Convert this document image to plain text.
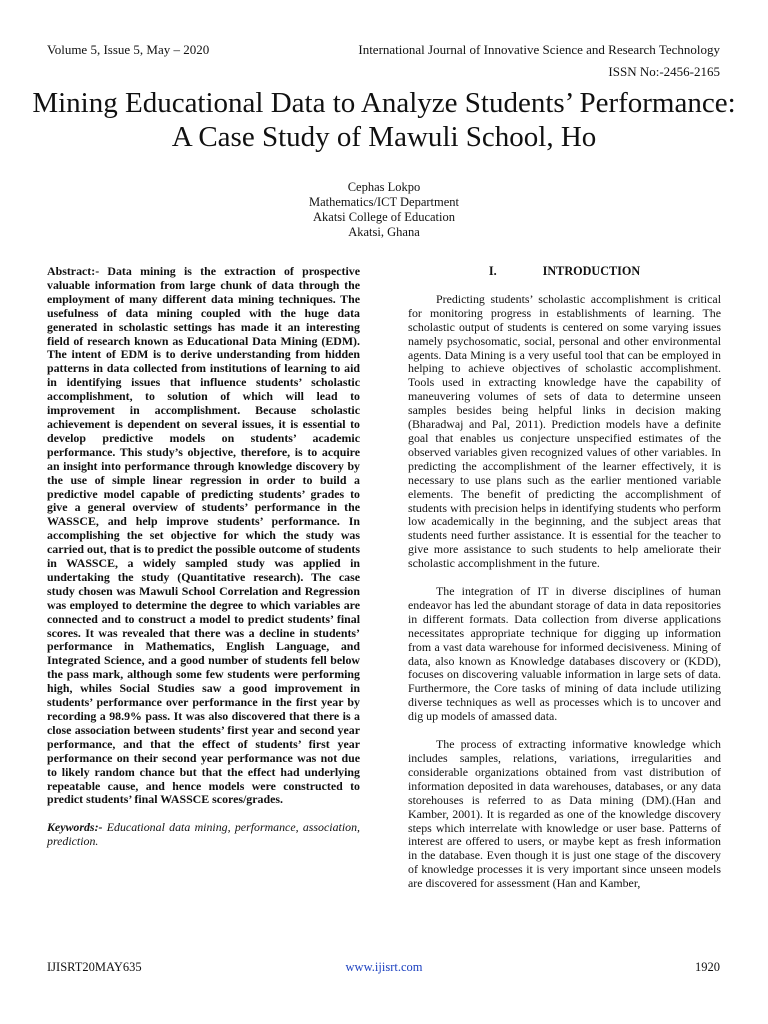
Volume 5, Issue 5, May – 2020	International Journal of Innovative Science and Research Technology
ISSN No:-2456-2165
Mining Educational Data to Analyze Students’ Performance: A Case Study of Mawuli School, Ho
Cephas Lokpo
Mathematics/ICT Department
Akatsi College of Education
Akatsi, Ghana

Abstract:- Data mining is the extraction of prospective valuable information from large chunk of data through the employment of many different data mining techniques. The usefulness of data mining coupled with the huge data generated in scholastic settings has made it an interesting field of research known as Educational Data Mining (EDM). The intent of EDM is to derive understanding from hidden patterns in data collected from institutions of learning to aid in identifying issues that influence students’ scholastic accomplishment, to solution of which will lead to improvement in accomplishment. Because scholastic achievement is dependent on several issues, it is essential to develop predictive models on students’ academic performance. This study’s objective, therefore, is to acquire an insight into performance through knowledge discovery by the use of simple linear regression in order to build a predictive model capable of predicting students’ grades to give a general overview of students’ performance in the WASSCE, and help improve students’ performance. In accomplishing the set objective for which the study was carried out, that is to predict the possible outcome of students in WASSCE, a widely sampled study was applied in undertaking the study (Quantitative research). The case study chosen was Mawuli School Correlation and Regression was employed to determine the degree to which variables are connected and to construct a model to predict students’ final scores. It was revealed that there was a decline in students’ performance in Mathematics, English Language, and Integrated Science, and a good number of students fell below the pass mark, although some few students were performing high, whiles Social Studies saw a good improvement in students’ performance over performance in the first year by recording a 98.9% pass. It was also discovered that there is a close association between students’ first year and second year performance, and that the effect of students’ first year performance on their second year performance was not due to likely random chance but that the effect had underlying repeatable cause, and hence models were constructed to predict students’ final WASSCE scores/grades.

Keywords:- Educational data mining, performance, association, prediction.

I.	INTRODUCTION

Predicting students’ scholastic accomplishment is critical for monitoring progress in establishments of learning. The scholastic output of students is centered on some varying issues namely psychosomatic, social, personal and other environmental agents. Data Mining is a very useful tool that can be employed in helping to achieve objectives of scholastic accomplishment. Tools used in extracting knowledge have the capability of maneuvering volumes of sets of data to determine unseen samples besides being helpful links in decision making (Bharadwaj and Pal, 2011). Prediction models have a definite goal that enables us conjecture unspecified estimates of the observed variables given recognized values of other variables. In predicting the accomplishment of the learner effectively, it is necessary to use plans such as the earlier mentioned variable elements. The benefit of predicting the accomplishment of students with precision helps in identifying students who perform low academically in the beginning, and the subject areas that students need further assistance. It is essential for the teacher to give more assistance to such students to help ameliorate their scholastic accomplishment in the future.

The integration of IT in diverse disciplines of human endeavor has led the abundant storage of data in data repositories in different formats. Data collection from diverse applications necessitates appropriate technique for digging up information from a vast data warehouse for informed decisiveness. Mining of data, also known as Knowledge databases discovery or (KDD), focuses on discovering valuable information in large sets of data. Furthermore, the Core tasks of mining of data include utilizing diverse techniques as well as processes which is to uncover and dig up models of amassed data.

The process of extracting informative knowledge which includes samples, relations, variations, irregularities and considerable organizations obtained from vast distribution of information deposited in data warehouses, databases, or any data storehouses is referred to as Data mining (DM).(Han and Kamber, 2001). It is regarded as one of the knowledge discovery steps which interrelate with knowledge or user base. Patterns of interest are offered to users, or maybe kept as fresh information in the database. Even though it is just one stage of the discovery of knowledge processes it is very important since unseen models are discovered for assessment (Han and Kamber,

IJISRT20MAY635	www.ijisrt.com	1920
